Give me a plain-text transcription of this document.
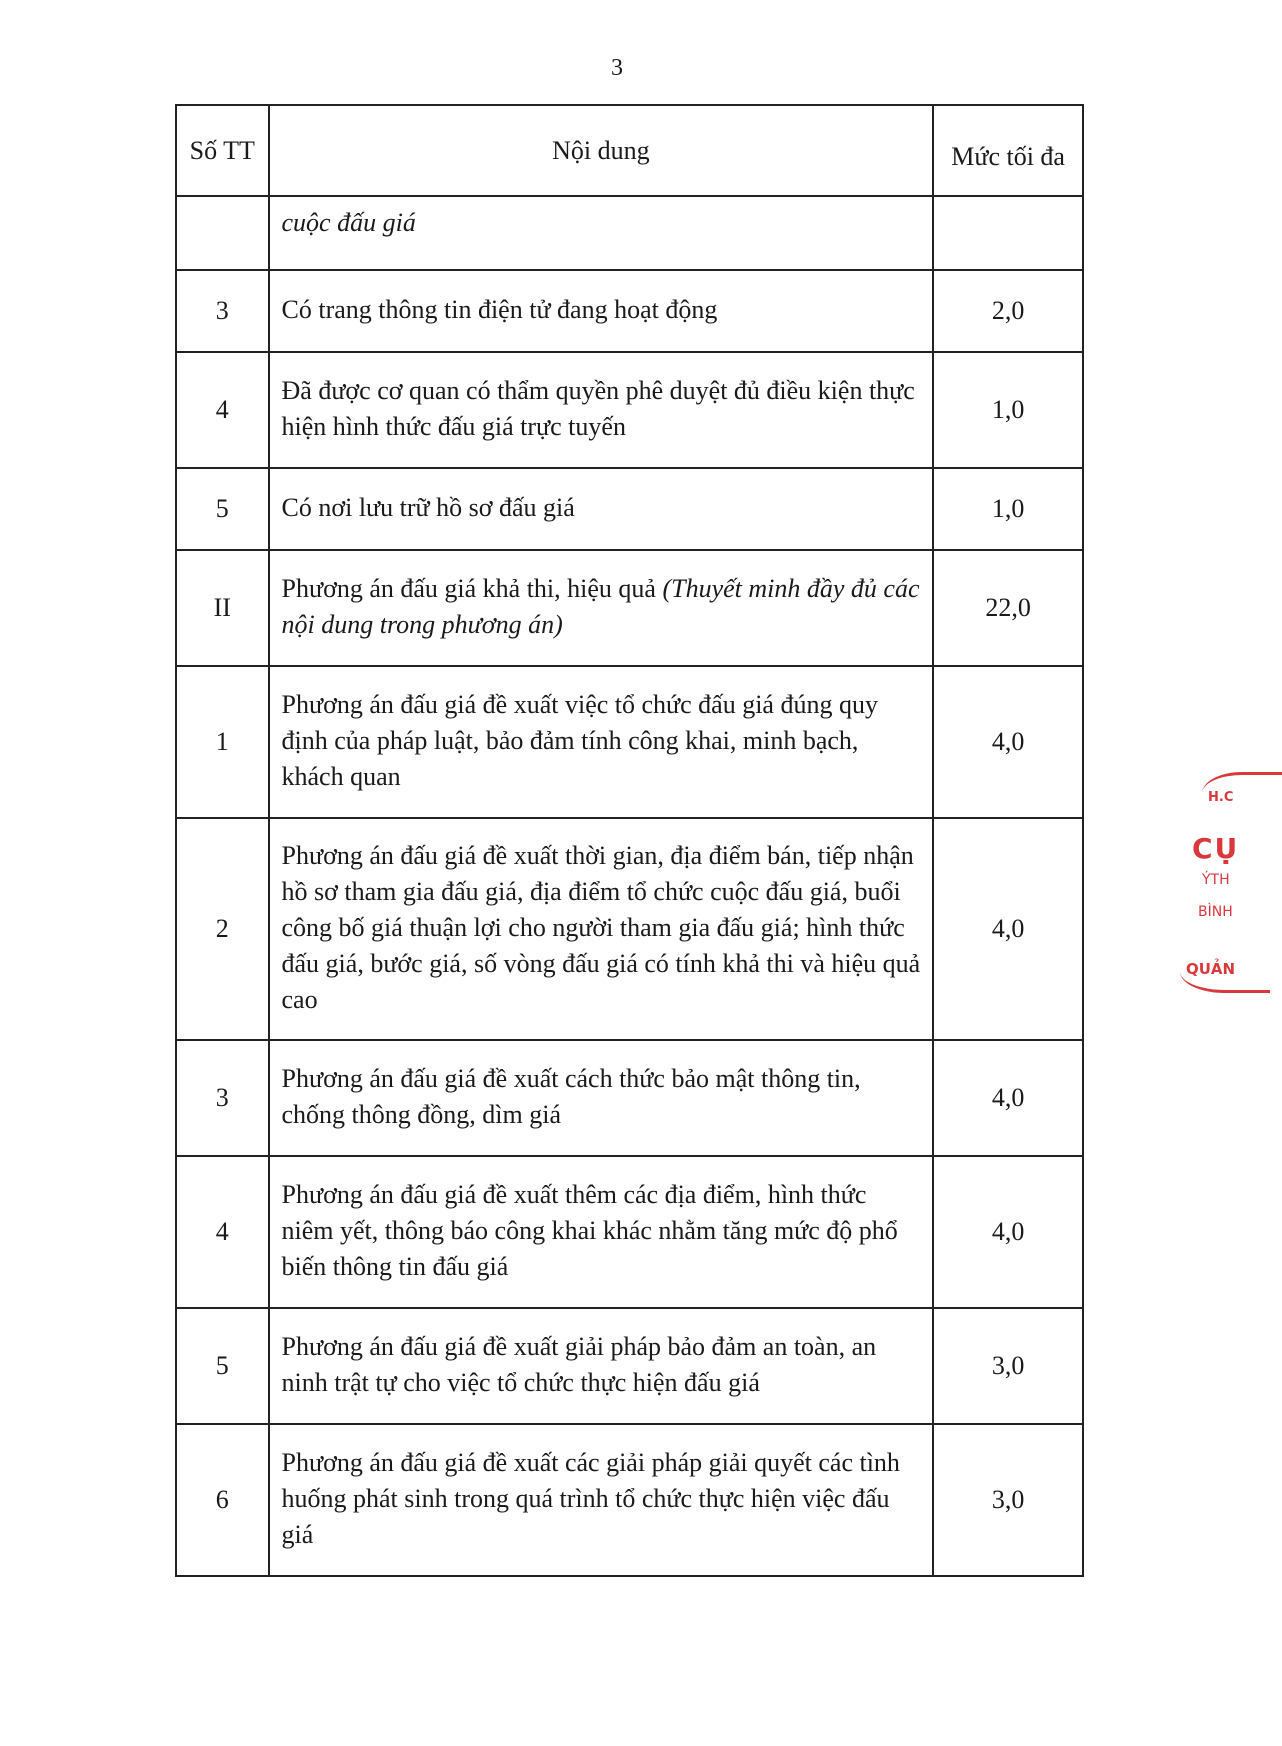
3
Số TT	Nội dung	Mức tối đa
	cuộc đấu giá	
3	Có trang thông tin điện tử đang hoạt động	2,0
4	Đã được cơ quan có thẩm quyền phê duyệt đủ điều kiện thực hiện hình thức đấu giá trực tuyến	1,0
5	Có nơi lưu trữ hồ sơ đấu giá	1,0
II	Phương án đấu giá khả thi, hiệu quả (Thuyết minh đầy đủ các nội dung trong phương án)	22,0
1	Phương án đấu giá đề xuất việc tổ chức đấu giá đúng quy định của pháp luật, bảo đảm tính công khai, minh bạch, khách quan	4,0
2	Phương án đấu giá đề xuất thời gian, địa điểm bán, tiếp nhận hồ sơ tham gia đấu giá, địa điểm tổ chức cuộc đấu giá, buổi công bố giá thuận lợi cho người tham gia đấu giá; hình thức đấu giá, bước giá, số vòng đấu giá có tính khả thi và hiệu quả cao	4,0
3	Phương án đấu giá đề xuất cách thức bảo mật thông tin, chống thông đồng, dìm giá	4,0
4	Phương án đấu giá đề xuất thêm các địa điểm, hình thức niêm yết, thông báo công khai khác nhằm tăng mức độ phổ biến thông tin đấu giá	4,0
5	Phương án đấu giá đề xuất giải pháp bảo đảm an toàn, an ninh trật tự cho việc tổ chức thực hiện đấu giá	3,0
6	Phương án đấu giá đề xuất các giải pháp giải quyết các tình huống phát sinh trong quá trình tổ chức thực hiện việc đấu giá	3,0
H.C
CỤ
ÝTH
BÌNH
QUẢN
